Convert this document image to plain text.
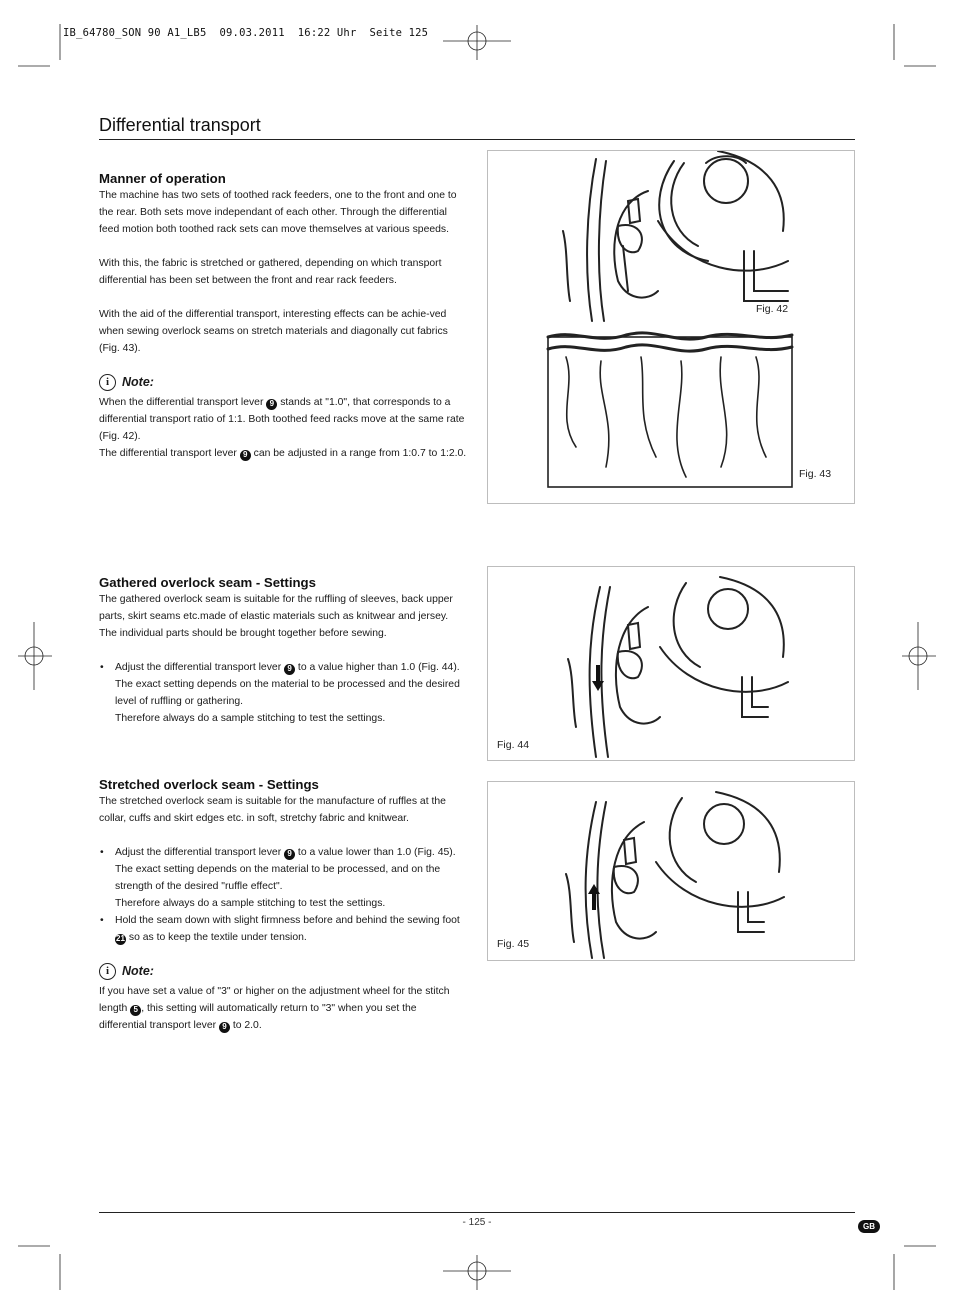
IB_64780_SON 90 A1_LB5  09.03.2011  16:22 Uhr  Seite 125
Differential transport
Manner of operation

The machine has two sets of toothed rack feeders, one to the front and one to the rear. Both sets move independant of each other. Through the differential feed motion both toothed rack sets can move themselves at various speeds.

With this, the fabric is stretched or gathered, depending on which transport differential has been set between the front and rear rack feeders.

With the aid of the differential transport, interesting effects can be achie-ved when sewing overlock seams on stretch materials and diagonally cut fabrics (Fig. 43).

i	Note:

When the differential transport lever 9 stands at "1.0", that corresponds to a differential transport ratio of 1:1. Both toothed feed racks move at the same rate (Fig. 42).

The differential transport lever 9 can be adjusted in a range from 1:0.7 to 1:2.0.

Fig. 42
Fig. 43
Gathered overlock seam - Settings

The gathered overlock seam is suitable for the ruffling of sleeves, back upper parts, skirt seams etc.made of elastic materials such as knitwear and jersey. The individual parts should be brought together before sewing.

• Adjust the differential transport lever 9 to a value higher than 1.0 (Fig. 44). The exact setting depends on the material to be processed and the desired level of ruffling or gathering.
Therefore always do a sample stitching to test the settings.
Fig. 44
Stretched overlock seam - Settings

The stretched overlock seam is suitable for the manufacture of ruffles at the collar, cuffs and skirt edges etc. in soft, stretchy fabric and knitwear.

• Adjust the differential transport lever 9 to a value lower than 1.0 (Fig. 45). The exact setting depends on the material to be processed, and on the strength of the desired "ruffle effect".
Therefore always do a sample stitching to test the settings.
• Hold the seam down with slight firmness before and behind the sewing foot 21 so as to keep the textile under tension.
i	Note:

If you have set a value of "3" or higher on the adjustment wheel for the stitch length 5 , this setting will automatically return to "3" when you set the differential transport lever 9 to 2.0.

Fig. 45
- 125 -	GB
